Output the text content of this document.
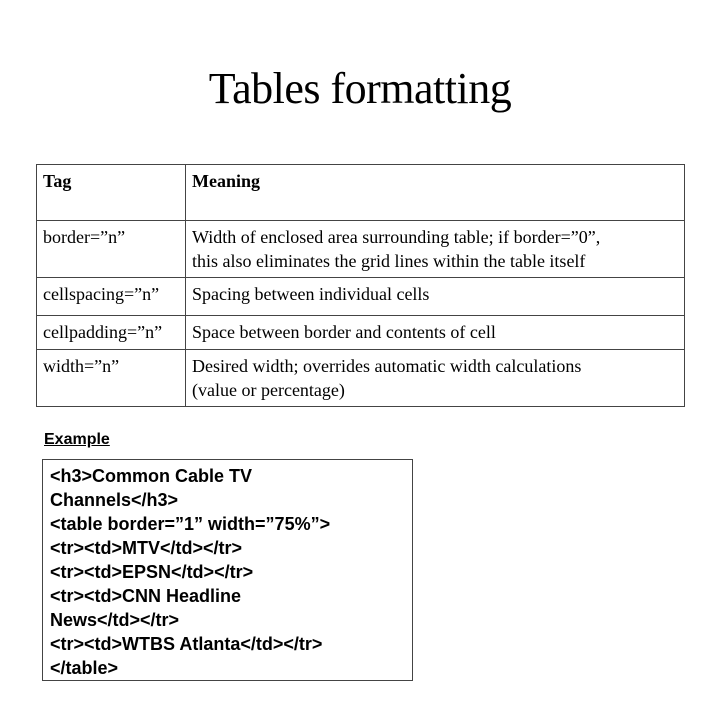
Tables formatting
Tag	Meaning
border=”n”	Width of enclosed area surrounding table; if border=”0”,
this also eliminates the grid lines within the table itself

cellspacing=”n”	Spacing between individual cells

cellpadding=”n”	Space between border and contents of cell

width=”n”	Desired width; overrides automatic width calculations
(value or percentage)
Example
<h3>Common Cable TV
Channels</h3>
<table border=”1” width=”75%”>
<tr><td>MTV</td></tr>
<tr><td>EPSN</td></tr>
<tr><td>CNN Headline
News</td></tr>
<tr><td>WTBS Atlanta</td></tr>
</table>
